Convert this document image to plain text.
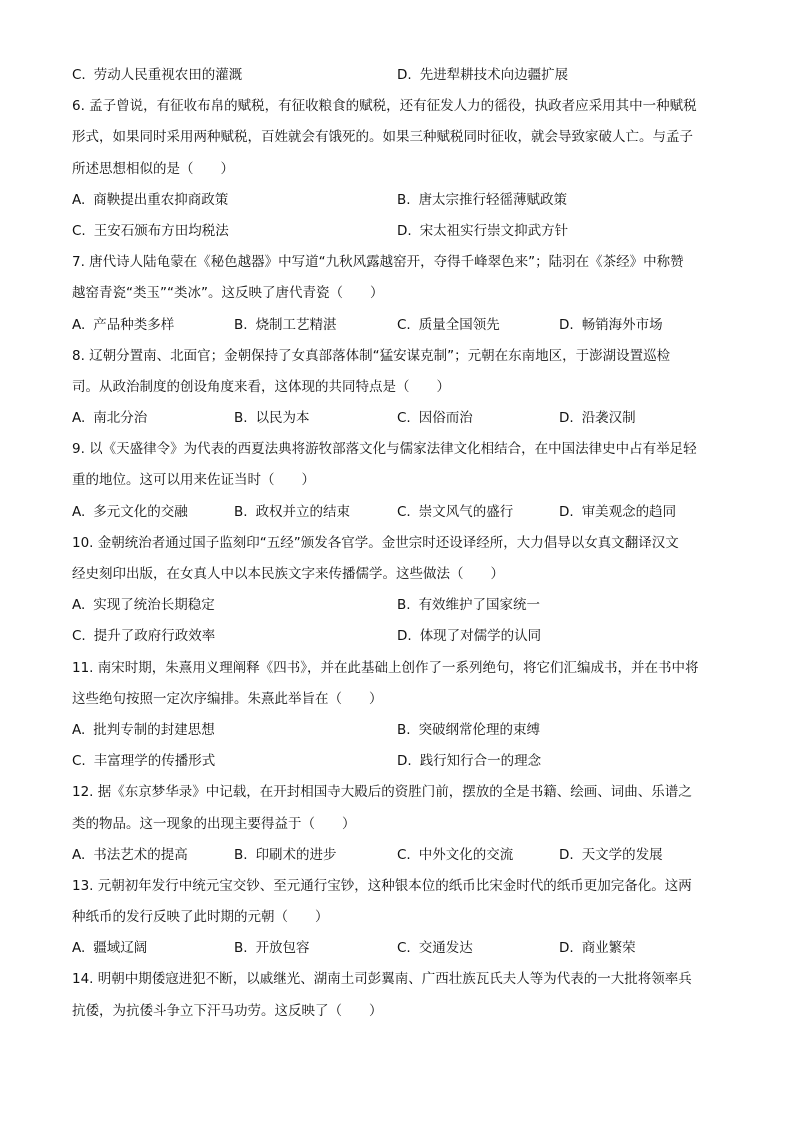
C. 劳动人民重视农田的灌溉	D. 先进犁耕技术向边疆扩展
6. 孟子曾说，有征收布帛的赋税，有征收粮食的赋税，还有征发人力的徭役，执政者应采用其中一种赋税
形式，如果同时采用两种赋税，百姓就会有饿死的。如果三种赋税同时征收，就会导致家破人亡。与孟子
所述思想相似的是（　　）
A. 商鞅提出重农抑商政策	B. 唐太宗推行轻徭薄赋政策
C. 王安石颁布方田均税法	D. 宋太祖实行崇文抑武方针
7. 唐代诗人陆龟蒙在《秘色越器》中写道“九秋风露越窑开，夺得千峰翠色来”；陆羽在《茶经》中称赞
越窑青瓷“类玉”“类冰”。这反映了唐代青瓷（　　）
A. 产品种类多样	B. 烧制工艺精湛	C. 质量全国领先	D. 畅销海外市场
8. 辽朝分置南、北面官；金朝保持了女真部落体制“猛安谋克制”；元朝在东南地区，于澎湖设置巡检
司。从政治制度的创设角度来看，这体现的共同特点是（　　）
A. 南北分治	B. 以民为本	C. 因俗而治	D. 沿袭汉制
9. 以《天盛律令》为代表的西夏法典将游牧部落文化与儒家法律文化相结合，在中国法律史中占有举足轻
重的地位。这可以用来佐证当时（　　）
A. 多元文化的交融	B. 政权并立的结束	C. 崇文风气的盛行	D. 审美观念的趋同
10. 金朝统治者通过国子监刻印“五经”颁发各官学。金世宗时还设译经所，大力倡导以女真文翻译汉文
经史刻印出版，在女真人中以本民族文字来传播儒学。这些做法（　　）
A. 实现了统治长期稳定	B. 有效维护了国家统一
C. 提升了政府行政效率	D. 体现了对儒学的认同
11. 南宋时期，朱熹用义理阐释《四书》，并在此基础上创作了一系列绝句，将它们汇编成书，并在书中将
这些绝句按照一定次序编排。朱熹此举旨在（　　）
A. 批判专制的封建思想	B. 突破纲常伦理的束缚
C. 丰富理学的传播形式	D. 践行知行合一的理念
12. 据《东京梦华录》中记载，在开封相国寺大殿后的资胜门前，摆放的全是书籍、绘画、词曲、乐谱之
类的物品。这一现象的出现主要得益于（　　）
A. 书法艺术的提高	B. 印刷术的进步	C. 中外文化的交流	D. 天文学的发展
13. 元朝初年发行中统元宝交钞、至元通行宝钞，这种银本位的纸币比宋金时代的纸币更加完备化。这两
种纸币的发行反映了此时期的元朝（　　）
A. 疆域辽阔	B. 开放包容	C. 交通发达	D. 商业繁荣
14. 明朝中期倭寇进犯不断，以戚继光、湖南土司彭翼南、广西壮族瓦氏夫人等为代表的一大批将领率兵
抗倭，为抗倭斗争立下汗马功劳。这反映了（　　）
